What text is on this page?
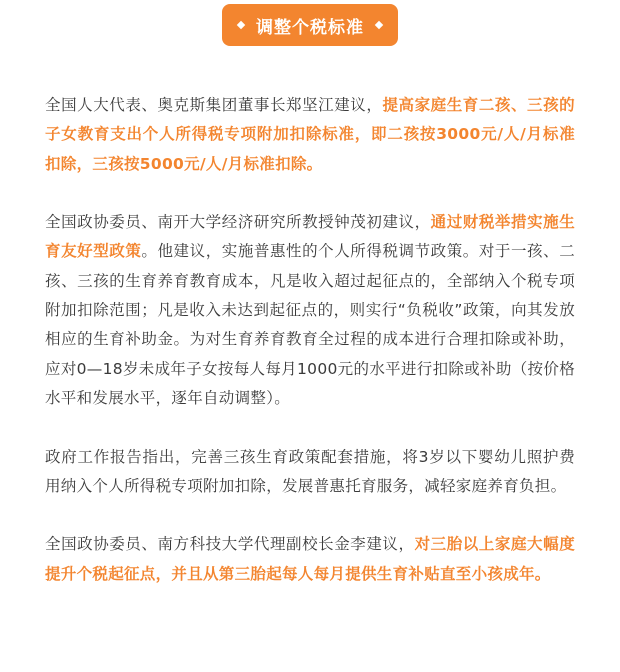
调整个税标准

全国人大代表、奥克斯集团董事长郑坚江建议，提高家庭生育二孩、三孩的子女教育支出个人所得税专项附加扣除标准，即二孩按3000元/人/月标准扣除，三孩按5000元/人/月标准扣除。

全国政协委员、南开大学经济研究所教授钟茂初建议，通过财税举措实施生育友好型政策。他建议，实施普惠性的个人所得税调节政策。对于一孩、二孩、三孩的生育养育教育成本，凡是收入超过起征点的，全部纳入个税专项附加扣除范围；凡是收入未达到起征点的，则实行“负税收”政策，向其发放相应的生育补助金。为对生育养育教育全过程的成本进行合理扣除或补助，应对0—18岁未成年子女按每人每月1000元的水平进行扣除或补助（按价格水平和发展水平，逐年自动调整）。

政府工作报告指出，完善三孩生育政策配套措施，将3岁以下婴幼儿照护费用纳入个人所得税专项附加扣除，发展普惠托育服务，减轻家庭养育负担。

全国政协委员、南方科技大学代理副校长金李建议，对三胎以上家庭大幅度提升个税起征点，并且从第三胎起每人每月提供生育补贴直至小孩成年。
